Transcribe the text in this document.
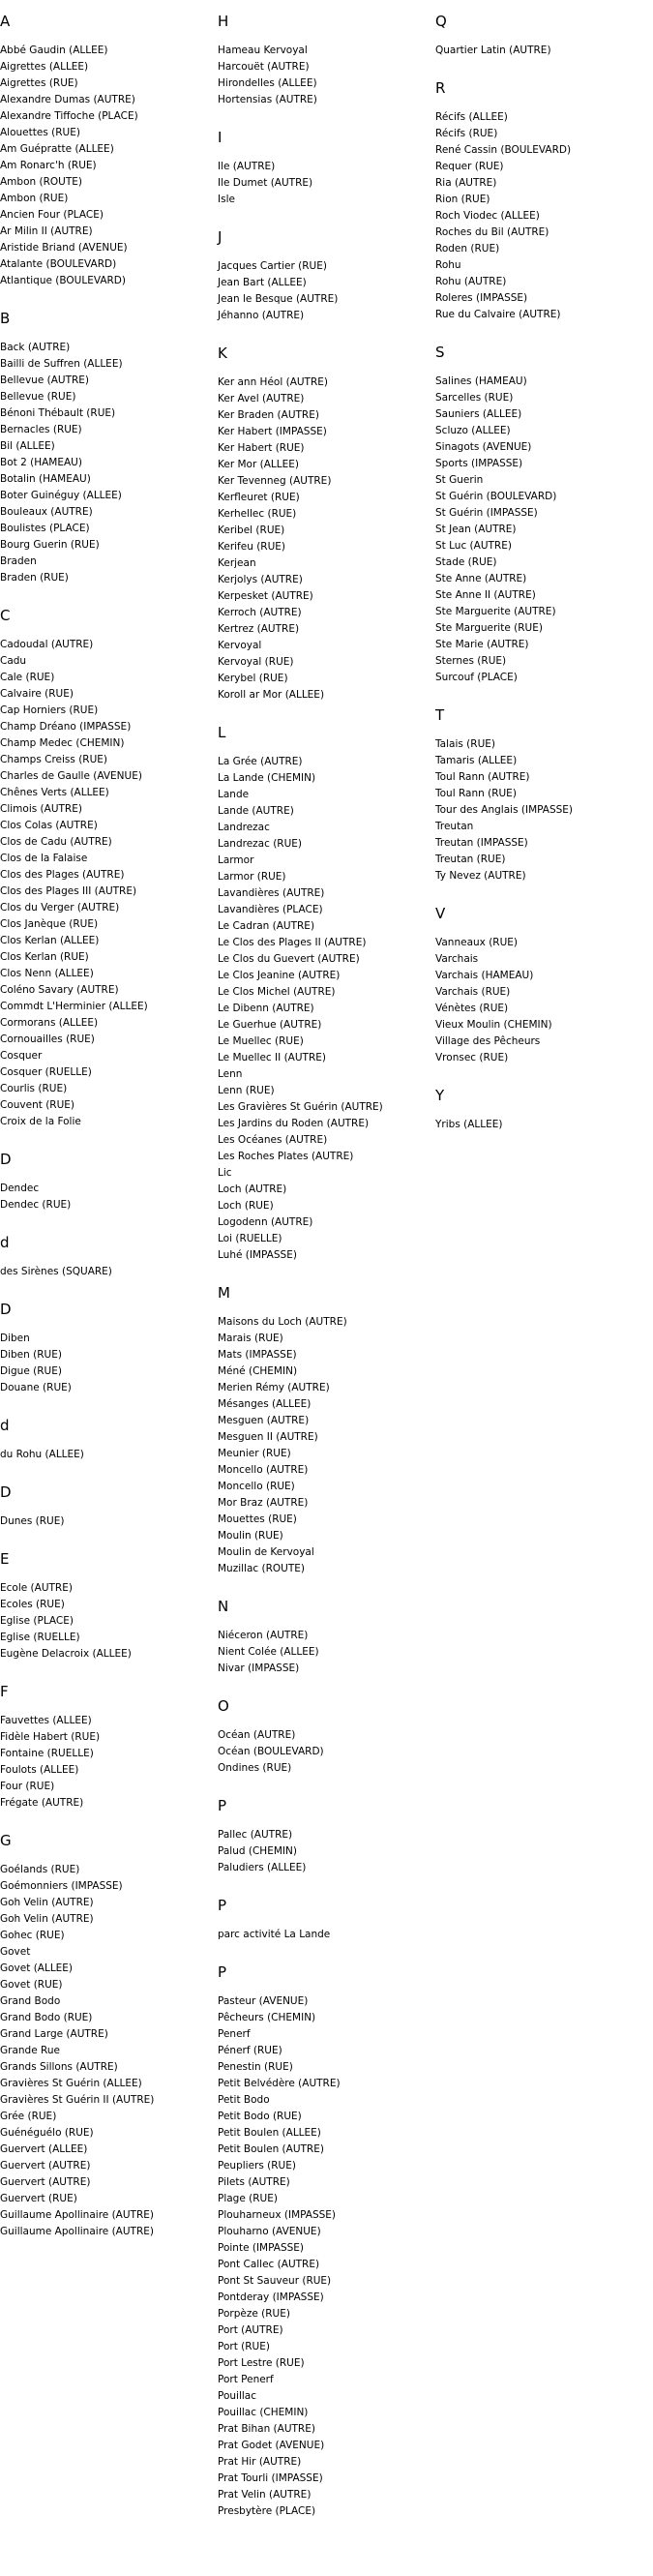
A
Abbé Gaudin (ALLEE)
Aigrettes (ALLEE)
Aigrettes (RUE)
Alexandre Dumas (AUTRE)
Alexandre Tiffoche (PLACE)
Alouettes (RUE)
Am Guépratte (ALLEE)
Am Ronarc'h (RUE)
Ambon (ROUTE)
Ambon (RUE)
Ancien Four (PLACE)
Ar Milin II (AUTRE)
Aristide Briand (AVENUE)
Atalante (BOULEVARD)
Atlantique (BOULEVARD)
B
Back (AUTRE)
Bailli de Suffren (ALLEE)
Bellevue (AUTRE)
Bellevue (RUE)
Bénoni Thébault (RUE)
Bernacles (RUE)
Bil (ALLEE)
Bot 2 (HAMEAU)
Botalin (HAMEAU)
Boter Guinéguy (ALLEE)
Bouleaux (AUTRE)
Boulistes (PLACE)
Bourg Guerin (RUE)
Braden
Braden (RUE)
C
Cadoudal (AUTRE)
Cadu
Cale (RUE)
Calvaire (RUE)
Cap Horniers (RUE)
Champ Dréano (IMPASSE)
Champ Medec (CHEMIN)
Champs Creiss (RUE)
Charles de Gaulle (AVENUE)
Chênes Verts (ALLEE)
Climois (AUTRE)
Clos Colas (AUTRE)
Clos de Cadu (AUTRE)
Clos de la Falaise
Clos des Plages (AUTRE)
Clos des Plages III (AUTRE)
Clos du Verger (AUTRE)
Clos Janèque (RUE)
Clos Kerlan (ALLEE)
Clos Kerlan (RUE)
Clos Nenn (ALLEE)
Coléno Savary (AUTRE)
Commdt L'Herminier (ALLEE)
Cormorans (ALLEE)
Cornouailles (RUE)
Cosquer
Cosquer (RUELLE)
Courlis (RUE)
Couvent (RUE)
Croix de la Folie
D
Dendec
Dendec (RUE)
d
des Sirènes (SQUARE)
D
Diben
Diben (RUE)
Digue (RUE)
Douane (RUE)
d
du Rohu (ALLEE)
D
Dunes (RUE)
E
Ecole (AUTRE)
Ecoles (RUE)
Eglise (PLACE)
Eglise (RUELLE)
Eugène Delacroix (ALLEE)
F
Fauvettes (ALLEE)
Fidèle Habert (RUE)
Fontaine (RUELLE)
Foulots (ALLEE)
Four (RUE)
Frégate (AUTRE)
G
Goélands (RUE)
Goémonniers (IMPASSE)
Goh Velin (AUTRE)
Goh Velin (AUTRE)
Gohec (RUE)
Govet
Govet (ALLEE)
Govet (RUE)
Grand Bodo
Grand Bodo (RUE)
Grand Large (AUTRE)
Grande Rue
Grands Sillons (AUTRE)
Gravières St Guérin (ALLEE)
Gravières St Guérin II (AUTRE)
Grée (RUE)
Guénéguélo (RUE)
Guervert (ALLEE)
Guervert (AUTRE)
Guervert (AUTRE)
Guervert (RUE)
Guillaume Apollinaire (AUTRE)
Guillaume Apollinaire (AUTRE)
H
Hameau Kervoyal
Harcouët (AUTRE)
Hirondelles (ALLEE)
Hortensias (AUTRE)
I
Ile (AUTRE)
Ile Dumet (AUTRE)
Isle
J
Jacques Cartier (RUE)
Jean Bart (ALLEE)
Jean le Besque (AUTRE)
Jéhanno (AUTRE)
K
Ker ann Héol (AUTRE)
Ker Avel (AUTRE)
Ker Braden (AUTRE)
Ker Habert (IMPASSE)
Ker Habert (RUE)
Ker Mor (ALLEE)
Ker Tevenneg (AUTRE)
Kerfleuret (RUE)
Kerhellec (RUE)
Keribel (RUE)
Kerifeu (RUE)
Kerjean
Kerjolys (AUTRE)
Kerpesket (AUTRE)
Kerroch (AUTRE)
Kertrez (AUTRE)
Kervoyal
Kervoyal (RUE)
Kerybel (RUE)
Koroll ar Mor (ALLEE)
L
La Grée (AUTRE)
La Lande (CHEMIN)
Lande
Lande (AUTRE)
Landrezac
Landrezac (RUE)
Larmor
Larmor (RUE)
Lavandières (AUTRE)
Lavandières (PLACE)
Le Cadran (AUTRE)
Le Clos des Plages II (AUTRE)
Le Clos du Guevert (AUTRE)
Le Clos Jeanine (AUTRE)
Le Clos Michel (AUTRE)
Le Dibenn (AUTRE)
Le Guerhue (AUTRE)
Le Muellec (RUE)
Le Muellec II (AUTRE)
Lenn
Lenn (RUE)
Les Gravières St Guérin (AUTRE)
Les Jardins du Roden (AUTRE)
Les Océanes (AUTRE)
Les Roches Plates (AUTRE)
Lic
Loch (AUTRE)
Loch (RUE)
Logodenn (AUTRE)
Loi (RUELLE)
Luhé (IMPASSE)
M
Maisons du Loch (AUTRE)
Marais (RUE)
Mats (IMPASSE)
Méné (CHEMIN)
Merien Rémy (AUTRE)
Mésanges (ALLEE)
Mesguen (AUTRE)
Mesguen II (AUTRE)
Meunier (RUE)
Moncello (AUTRE)
Moncello (RUE)
Mor Braz (AUTRE)
Mouettes (RUE)
Moulin (RUE)
Moulin de Kervoyal
Muzillac (ROUTE)
N
Niéceron (AUTRE)
Nient Colée (ALLEE)
Nivar (IMPASSE)
O
Océan (AUTRE)
Océan (BOULEVARD)
Ondines (RUE)
P
Pallec (AUTRE)
Palud (CHEMIN)
Paludiers (ALLEE)
P
parc activité La Lande
P
Pasteur (AVENUE)
Pêcheurs (CHEMIN)
Penerf
Pénerf (RUE)
Penestin (RUE)
Petit Belvédère (AUTRE)
Petit Bodo
Petit Bodo (RUE)
Petit Boulen (ALLEE)
Petit Boulen (AUTRE)
Peupliers (RUE)
Pilets (AUTRE)
Plage (RUE)
Plouharneux (IMPASSE)
Plouharno (AVENUE)
Pointe (IMPASSE)
Pont Callec (AUTRE)
Pont St Sauveur (RUE)
Pontderay (IMPASSE)
Porpèze (RUE)
Port (AUTRE)
Port (RUE)
Port Lestre (RUE)
Port Penerf
Pouillac
Pouillac (CHEMIN)
Prat Bihan (AUTRE)
Prat Godet (AVENUE)
Prat Hir (AUTRE)
Prat Tourli (IMPASSE)
Prat Velin (AUTRE)
Presbytère (PLACE)
Q
Quartier Latin (AUTRE)
R
Récifs (ALLEE)
Récifs (RUE)
René Cassin (BOULEVARD)
Requer (RUE)
Ria (AUTRE)
Rion (RUE)
Roch Viodec (ALLEE)
Roches du Bil (AUTRE)
Roden (RUE)
Rohu
Rohu (AUTRE)
Roleres (IMPASSE)
Rue du Calvaire (AUTRE)
S
Salines (HAMEAU)
Sarcelles (RUE)
Sauniers (ALLEE)
Scluzo (ALLEE)
Sinagots (AVENUE)
Sports (IMPASSE)
St Guerin
St Guérin (BOULEVARD)
St Guérin (IMPASSE)
St Jean (AUTRE)
St Luc (AUTRE)
Stade (RUE)
Ste Anne (AUTRE)
Ste Anne II (AUTRE)
Ste Marguerite (AUTRE)
Ste Marguerite (RUE)
Ste Marie (AUTRE)
Sternes (RUE)
Surcouf (PLACE)
T
Talais (RUE)
Tamaris (ALLEE)
Toul Rann (AUTRE)
Toul Rann (RUE)
Tour des Anglais (IMPASSE)
Treutan
Treutan (IMPASSE)
Treutan (RUE)
Ty Nevez (AUTRE)
V
Vanneaux (RUE)
Varchais
Varchais (HAMEAU)
Varchais (RUE)
Vénètes (RUE)
Vieux Moulin (CHEMIN)
Village des Pêcheurs
Vronsec (RUE)
Y
Yribs (ALLEE)
